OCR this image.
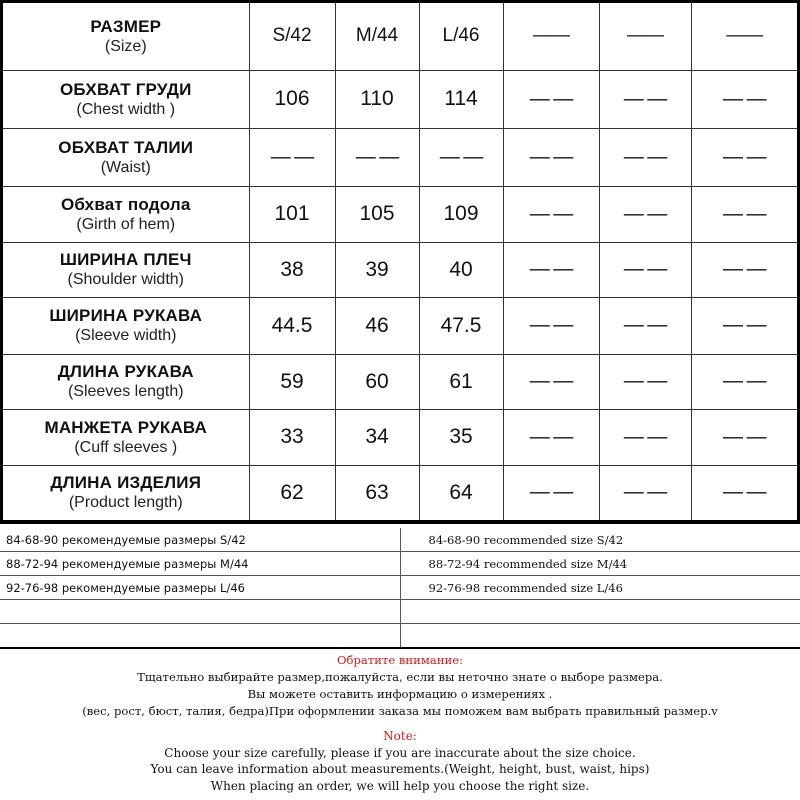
РАЗМЕР
(Size)	S/42	M/44	L/46	——	——	——

ОБХВАТ ГРУДИ
(Chest width )	106	110	114	— —	— —	— —

ОБХВАТ ТАЛИИ
(Waist)	— —	— —	— —	— —	— —	— —

Обхват подола
(Girth of hem)	101	105	109	— —	— —	— —

ШИРИНА ПЛЕЧ
(Shoulder width)	38	39	40	— —	— —	— —

ШИРИНА РУКАВА
(Sleeve width)	44.5	46	47.5	— —	— —	— —

ДЛИНА РУКАВА
(Sleeves length)	59	60	61	— —	— —	— —

МАНЖЕТА РУКАВА
(Cuff sleeves )	33	34	35	— —	— —	— —

ДЛИНА ИЗДЕЛИЯ
(Product length)	62	63	64	— —	— —	— —
84-68-90 рекомендуемые размеры S/42	84-68-90 recommended size S/42
88-72-94 рекомендуемые размеры M/44	88-72-94 recommended size M/44
92-76-98 рекомендуемые размеры L/46	92-76-98 recommended size L/46

Обратите внимание:

Тщательно выбирайте размер,пожалуйста, если вы неточно знате о выборе размера.

Вы можете оставить информацию о измерениях .

(вес, рост, бюст, талия, бедра)При оформлении заказа мы поможем вам выбрать правильный размер.v

Note:

Choose your size carefully, please if you are inaccurate about the size choice.

You can leave information about measurements.(Weight, height, bust, waist, hips)

When placing an order, we will help you choose the right size.
